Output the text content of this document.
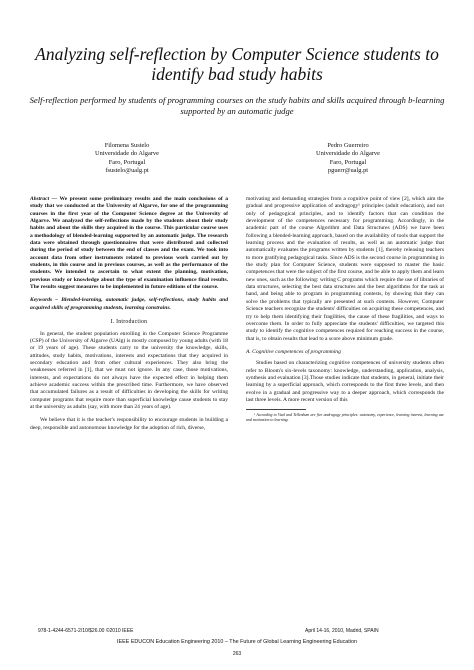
Analyzing self-reflection by Computer Science students to identify bad study habits
Self-reflection performed by students of programming courses on the study habits and skills acquired through b-learning supported by an automatic judge
Filomena Sustelo
Universidade do Algarve
Faro, Portugal
fsustelo@ualg.pt
Pedro Guerreiro
Universidade do Algarve
Faro, Portugal
pguerr@ualg.pt
Abstract — We present some preliminary results and the main conclusions of a study that we conducted at the University of Algarve, for one of the programming courses in the first year of the Computer Science degree at the University of Algarve. We analyzed the self-reflections made by the students about their study habits and about the skills they acquired in the course. This particular course uses a methodology of blended-learning supported by an automatic judge. The research data were obtained through questionnaires that were distributed and collected during the period of study between the end of classes and the exam. We took into account data from other instruments related to previous work carried out by students, in this course and in previous courses, as well as the performance of the students. We intended to ascertain to what extent the planning, motivation, previous study or knowledge about the type of examination influence final results. The results suggest measures to be implemented in future editions of the course.
Keywords – Blended-learning, automatic judge, self-reflections, study habits and acquired skills of programming students, learning constrains.
I. Introduction
In general, the student population enrolling in the Computer Science Programme (CSP) of the University of Algarve (UAlg) is mostly composed by young adults (with 18 or 19 years of age). These students carry to the university the knowledge, skills, attitudes, study habits, motivations, interests and expectations that they acquired in secondary education and from other cultural experiences. They also bring the weaknesses referred in [1], that we must not ignore. In any case, those motivations, interests, and expectations do not always have the expected effect in helping them achieve academic success within the prescribed time. Furthermore, we have observed that accumulated failures as a result of difficulties in developing the skills for writing computer programs that require more than superficial knowledge cause students to stay at the university as adults (say, with more than 24 years of age).
We believe that it is the teacher's responsibility to encourage students in building a deep, responsible and autonomous knowledge for the adoption of rich, diverse,
motivating and demanding strategies from a cognitive point of view [2], which aim the gradual and progressive application of andragogy¹ principles (adult education), and not only of pedagogical principles, and to identify factors that can condition the development of the competences necessary for programming. Accordingly, in the academic part of the course Algorithm and Data Structures (ADS) we have been following a blended-learning approach, based on the availability of tools that support the learning process and the evaluation of results, as well as an automatic judge that automatically evaluates the programs written by students [1], thereby releasing teachers to more gratifying pedagogical tasks. Since ADS is the second course in programming in the study plan for Computer Science, students were supposed to master the basic competences that were the subject of the first course, and be able to apply them and learn new ones, such as the following: writing C programs which require the use of libraries of data structures, selecting the best data structures and the best algorithms for the task at hand, and being able to program in programming contests, by showing that they can solve the problems that typically are presented at such contests. However, Computer Science teachers recognize the students' difficulties on acquiring these competences, and try to help them identifying their fragilities, the cause of these fragilities, and ways to overcome them. In order to fully appreciate the students' difficulties, we targeted this study to identify the cognitive competences required for reaching success in the course, that is, to obtain results that lead to a score above minimum grade.
A. Cognitive competences of programming
Studies based on characterizing cognitive competences of university students often refer to Bloom's six-levels taxonomy: knowledge, understanding, application, analysis, synthesis and evaluation [3].Those studies indicate that students, in general, initiate their learning by a superficial approach, which corresponds to the first three levels, and then evolve in a gradual and progressive way to a deeper approach, which corresponds the last three levels. A more recent version of this
¹ According to Vaal and Tellenbum are five andragogy principles: autonomy, experience, learning interest, learning use and motivation to learning.
978-1-4244-6571-2/10/$26.00 ©2010 IEEE	April 14-16, 2010, Madrid, SPAIN
IEEE EDUCON Education Engineering 2010 – The Future of Global Learning Engineering Education
263
